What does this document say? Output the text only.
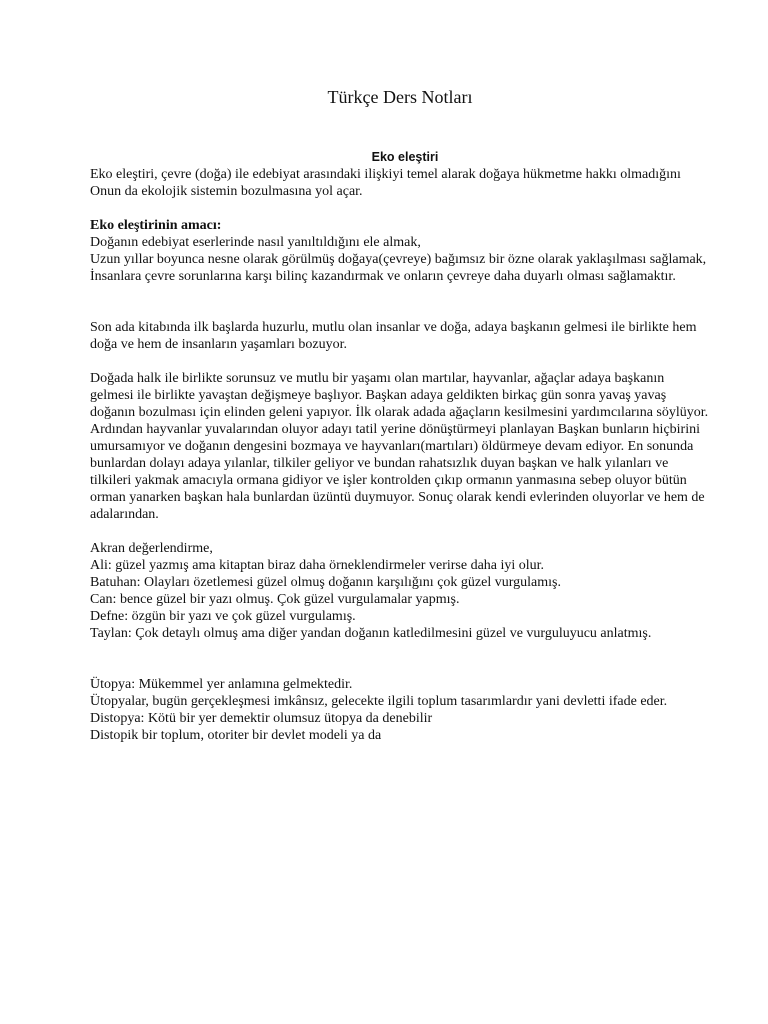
Türkçe Ders Notları
Eko eleştiri

Eko eleştiri, çevre (doğa) ile edebiyat arasındaki ilişkiyi temel alarak doğaya hükmetme hakkı olmadığını

Onun da ekolojik sistemin bozulmasına yol açar.

Eko eleştirinin amacı:

Doğanın edebiyat eserlerinde nasıl yanıltıldığını ele almak,

Uzun yıllar boyunca nesne olarak görülmüş doğaya(çevreye) bağımsız bir özne olarak yaklaşılması sağlamak,

İnsanlara çevre sorunlarına karşı bilinç kazandırmak ve onların çevreye daha duyarlı olması sağlamaktır.

Son ada kitabında ilk başlarda huzurlu, mutlu olan insanlar ve doğa, adaya başkanın gelmesi ile birlikte hem doğa ve hem de insanların yaşamları bozuyor.

Doğada halk ile birlikte sorunsuz ve mutlu bir yaşamı olan martılar, hayvanlar, ağaçlar adaya başkanın gelmesi ile birlikte yavaştan değişmeye başlıyor. Başkan adaya geldikten birkaç gün sonra yavaş yavaş doğanın bozulması için elinden geleni yapıyor. İlk olarak adada ağaçların kesilmesini yardımcılarına söylüyor. Ardından hayvanlar yuvalarından oluyor adayı tatil yerine dönüştürmeyi planlayan Başkan bunların hiçbirini umursamıyor ve doğanın dengesini bozmaya ve hayvanları(martıları) öldürmeye devam ediyor. En sonunda bunlardan dolayı adaya yılanlar, tilkiler geliyor ve bundan rahatsızlık duyan başkan ve halk yılanları ve tilkileri yakmak amacıyla ormana gidiyor ve işler kontrolden çıkıp ormanın yanmasına sebep oluyor bütün orman yanarken başkan hala bunlardan üzüntü duymuyor. Sonuç olarak kendi evlerinden oluyorlar ve hem de adalarından.

Akran değerlendirme,

Ali: güzel yazmış ama kitaptan biraz daha örneklendirmeler verirse daha iyi olur.

Batuhan: Olayları özetlemesi güzel olmuş doğanın karşılığını çok güzel vurgulamış.

Can: bence güzel bir yazı olmuş. Çok güzel vurgulamalar yapmış.

Defne: özgün bir yazı ve çok güzel vurgulamış.

Taylan: Çok detaylı olmuş ama diğer yandan doğanın katledilmesini güzel ve vurguluyucu anlatmış.

Ütopya: Mükemmel yer anlamına gelmektedir.

Ütopyalar, bugün gerçekleşmesi imkânsız, gelecekte ilgili toplum tasarımlardır yani devletti ifade eder.

Distopya: Kötü bir yer demektir olumsuz ütopya da denebilir

Distopik bir toplum, otoriter bir devlet modeli ya da
